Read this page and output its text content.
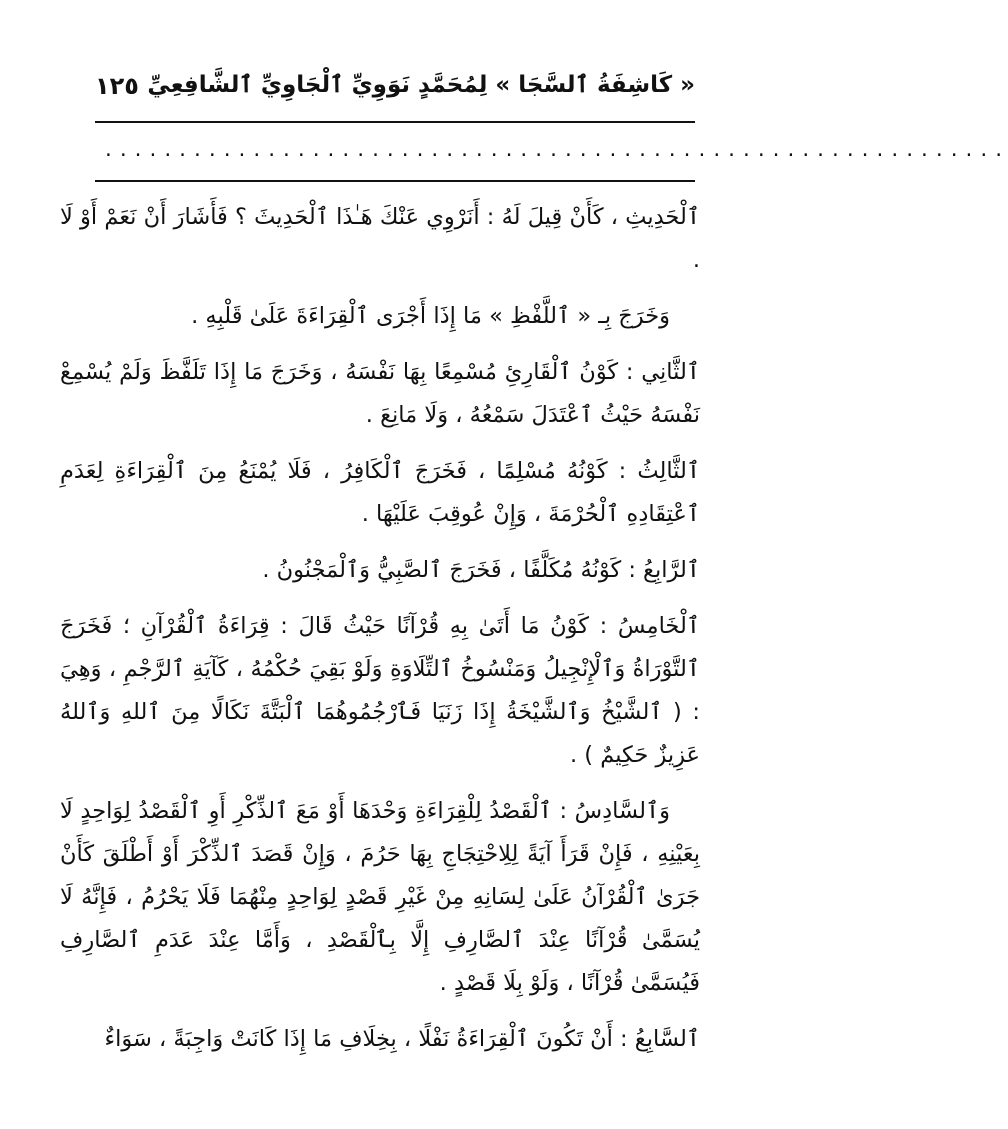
« كَاشِفَةُ ٱلسَّجَا » لِمُحَمَّدٍ نَوَوِيِّ ٱلْجَاوِيِّ ٱلشَّافِعِيِّ
١٢٥
.............................................................

ٱلْحَدِيثِ ، كَأَنْ قِيلَ لَهُ : أَنَرْوِي عَنْكَ هَـٰذَا ٱلْحَدِيثَ ؟ فَأَشَارَ أَنْ نَعَمْ أَوْ لَا .

وَخَرَجَ بِـ « ٱللَّفْظِ » مَا إِذَا أَجْرَى ٱلْقِرَاءَةَ عَلَىٰ قَلْبِهِ .

ٱلثَّانِي : كَوْنُ ٱلْقَارِئِ مُسْمِعًا بِهَا نَفْسَهُ ، وَخَرَجَ مَا إِذَا تَلَفَّظَ وَلَمْ يُسْمِعْ نَفْسَهُ حَيْثُ ٱعْتَدَلَ سَمْعُهُ ، وَلَا مَانِعَ .

ٱلثَّالِثُ : كَوْنُهُ مُسْلِمًا ، فَخَرَجَ ٱلْكَافِرُ ، فَلَا يُمْنَعُ مِنَ ٱلْقِرَاءَةِ لِعَدَمِ ٱعْتِقَادِهِ ٱلْحُرْمَةَ ، وَإِنْ عُوقِبَ عَلَيْهَا .

ٱلرَّابِعُ : كَوْنُهُ مُكَلَّفًا ، فَخَرَجَ ٱلصَّبِيُّ وَٱلْمَجْنُونُ .

ٱلْخَامِسُ : كَوْنُ مَا أَتَىٰ بِهِ قُرْآنًا حَيْثُ قَالَ : قِرَاءَةُ ٱلْقُرْآنِ ؛ فَخَرَجَ ٱلتَّوْرَاةُ وَٱلْإِنْجِيلُ وَمَنْسُوخُ ٱلتِّلَاوَةِ وَلَوْ بَقِيَ حُكْمُهُ ، كَآيَةِ ٱلرَّجْمِ ، وَهِيَ : ( ٱلشَّيْخُ وَٱلشَّيْخَةُ إِذَا زَنَيَا فَٱرْجُمُوهُمَا ٱلْبَتَّةَ نَكَالًا مِنَ ٱللهِ وَٱللهُ عَزِيزٌ حَكِيمٌ ) .

وَٱلسَّادِسُ : ٱلْقَصْدُ لِلْقِرَاءَةِ وَحْدَهَا أَوْ مَعَ ٱلذِّكْرِ أَوِ ٱلْقَصْدُ لِوَاحِدٍ لَا بِعَيْنِهِ ، فَإِنْ قَرَأَ آيَةً لِلِاحْتِجَاجِ بِهَا حَرُمَ ، وَإِنْ قَصَدَ ٱلذِّكْرَ أَوْ أَطْلَقَ كَأَنْ جَرَىٰ ٱلْقُرْآنُ عَلَىٰ لِسَانِهِ مِنْ غَيْرِ قَصْدٍ لِوَاحِدٍ مِنْهُمَا فَلَا يَحْرُمُ ، فَإِنَّهُ لَا يُسَمَّىٰ قُرْآنًا عِنْدَ ٱلصَّارِفِ إِلَّا بِٱلْقَصْدِ ، وَأَمَّا عِنْدَ عَدَمِ ٱلصَّارِفِ فَيُسَمَّىٰ قُرْآنًا ، وَلَوْ بِلَا قَصْدٍ .

ٱلسَّابِعُ : أَنْ تَكُونَ ٱلْقِرَاءَةُ نَفْلًا ، بِخِلَافِ مَا إِذَا كَانَتْ وَاجِبَةً ، سَوَاءٌ
